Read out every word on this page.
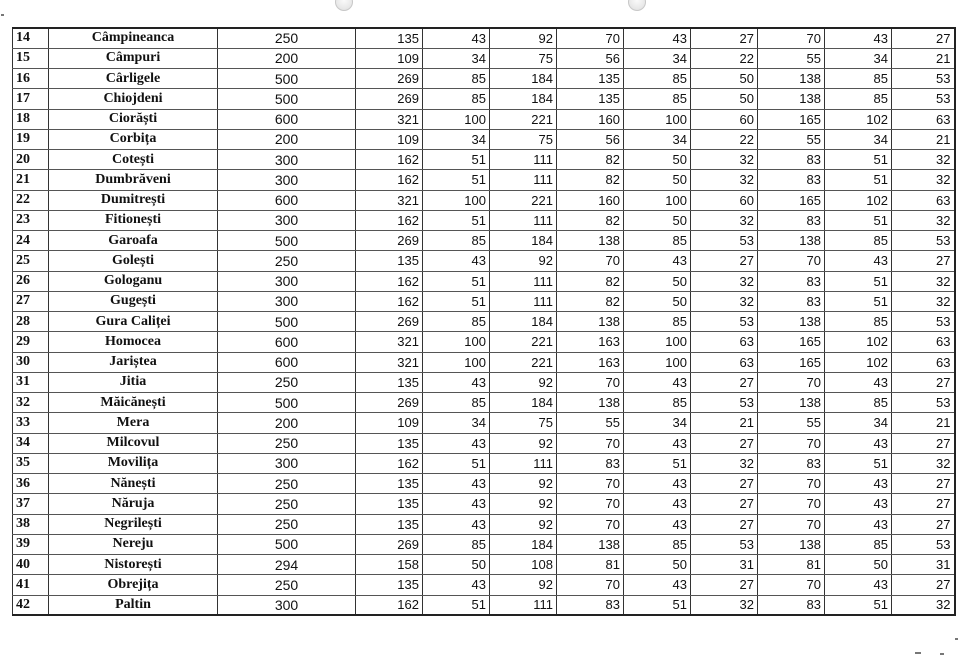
14	Câmpineanca	250	135	43	92	70	43	27	70	43	27
15	Câmpuri	200	109	34	75	56	34	22	55	34	21
16	Cârligele	500	269	85	184	135	85	50	138	85	53
17	Chiojdeni	500	269	85	184	135	85	50	138	85	53
18	Ciorăști	600	321	100	221	160	100	60	165	102	63
19	Corbița	200	109	34	75	56	34	22	55	34	21
20	Cotești	300	162	51	111	82	50	32	83	51	32
21	Dumbrăveni	300	162	51	111	82	50	32	83	51	32
22	Dumitrești	600	321	100	221	160	100	60	165	102	63
23	Fitionești	300	162	51	111	82	50	32	83	51	32
24	Garoafa	500	269	85	184	138	85	53	138	85	53
25	Golești	250	135	43	92	70	43	27	70	43	27
26	Gologanu	300	162	51	111	82	50	32	83	51	32
27	Gugești	300	162	51	111	82	50	32	83	51	32
28	Gura Caliței	500	269	85	184	138	85	53	138	85	53
29	Homocea	600	321	100	221	163	100	63	165	102	63
30	Jariștea	600	321	100	221	163	100	63	165	102	63
31	Jitia	250	135	43	92	70	43	27	70	43	27
32	Măicănești	500	269	85	184	138	85	53	138	85	53
33	Mera	200	109	34	75	55	34	21	55	34	21
34	Milcovul	250	135	43	92	70	43	27	70	43	27
35	Movilița	300	162	51	111	83	51	32	83	51	32
36	Nănești	250	135	43	92	70	43	27	70	43	27
37	Năruja	250	135	43	92	70	43	27	70	43	27
38	Negrilești	250	135	43	92	70	43	27	70	43	27
39	Nereju	500	269	85	184	138	85	53	138	85	53
40	Nistorești	294	158	50	108	81	50	31	81	50	31
41	Obrejița	250	135	43	92	70	43	27	70	43	27
42	Paltin	300	162	51	111	83	51	32	83	51	32
